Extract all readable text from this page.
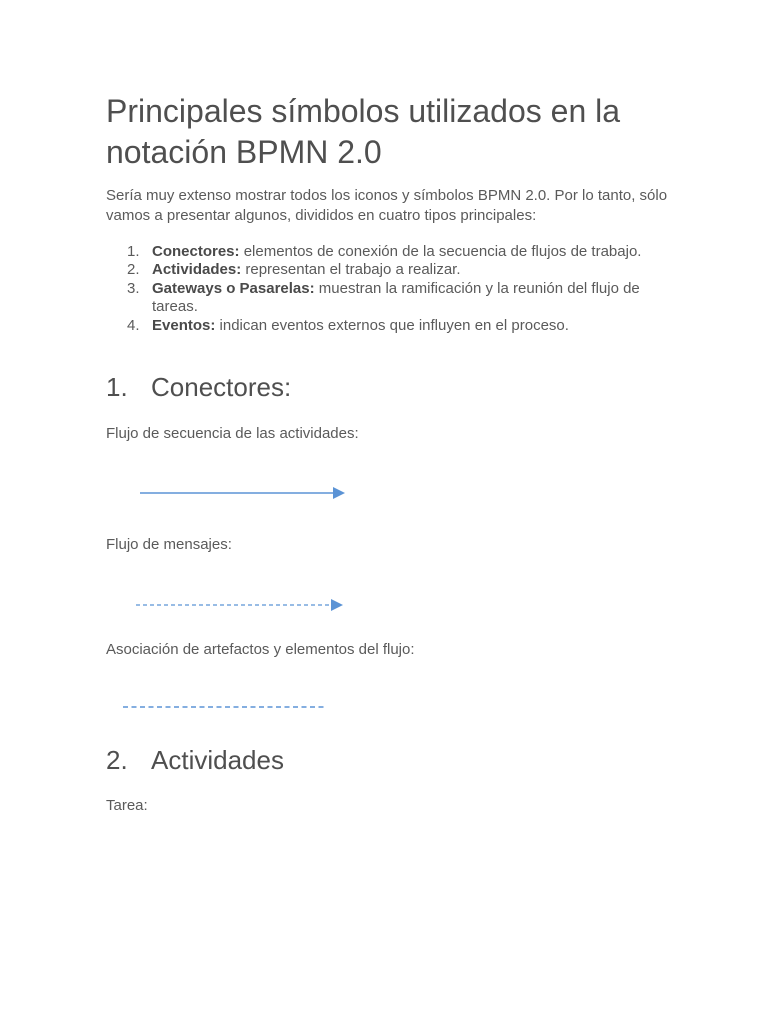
Principales símbolos utilizados en la notación BPMN 2.0

Sería muy extenso mostrar todos los iconos y símbolos BPMN 2.0. Por lo tanto, sólo vamos a presentar algunos, divididos en cuatro tipos principales:

1. Conectores: elementos de conexión de la secuencia de flujos de trabajo.
2. Actividades: representan el trabajo a realizar.
3. Gateways o Pasarelas: muestran la ramificación y la reunión del flujo de tareas.
4. Eventos: indican eventos externos que influyen en el proceso.
1. Conectores:

Flujo de secuencia de las actividades:

Flujo de mensajes:

Asociación de artefactos y elementos del flujo:

2. Actividades

Tarea:
